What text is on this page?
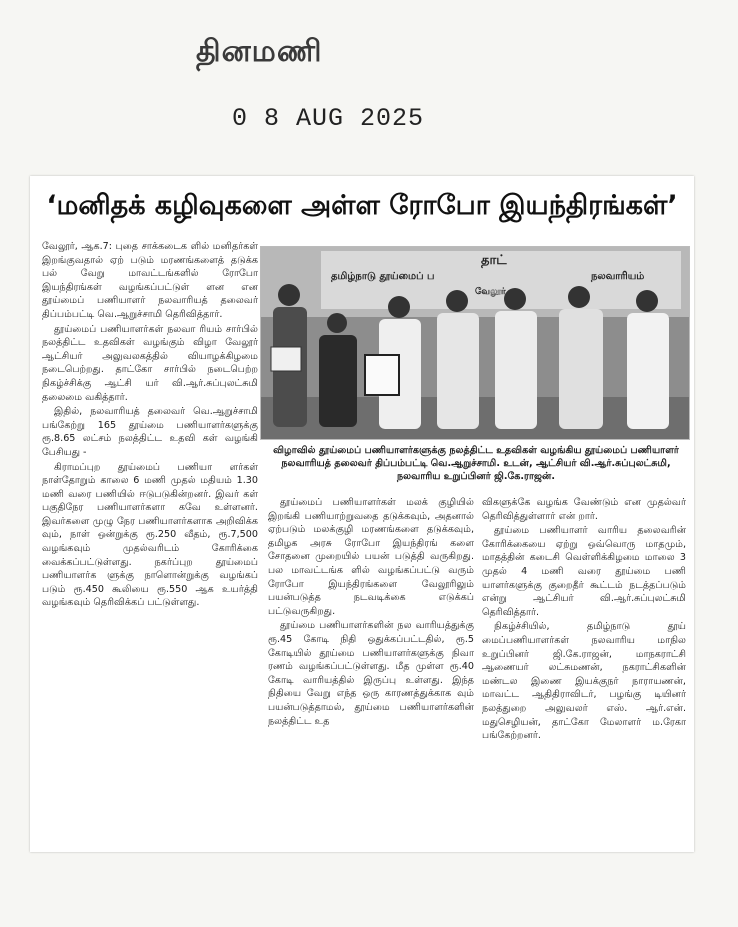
தினமணி
0 8 AUG 2025
‘மனிதக் கழிவுகளை அள்ள ரோபோ இயந்திரங்கள்’

வேலூர், ஆக.7: புதை சாக்கடைக ளில் மனிதர்கள் இறங்குவதால் ஏற் படும் மரணங்களைத் தடுக்க பல் வேறு மாவட்டங்களில் ரோபோ இயந்திரங்கள் வழங்கப்பட்டுள் ளன என தூய்மைப் பணியாளர் நலவாரியத் தலைவர் திப்பம்பட்டி வெ.ஆறுச்சாமி தெரிவித்தார்.

தூய்மைப் பணியாளர்கள் நலவா ரியம் சார்பில் நலத்திட்ட உதவிகள் வழங்கும் விழா வேலூர் ஆட்சியர் அலுவலகத்தில் வியாழக்கிழமை நடைபெற்றது. தாட்கோ சார்பில் நடைபெற்ற நிகழ்ச்சிக்கு ஆட்சி யர் வி.ஆர்.சுப்புலட்சுமி தலைமை வகித்தார்.

இதில், நலவாரியத் தலைவர் வெ.ஆறுச்சாமி பங்கேற்று 165 தூய்மை பணியாளர்களுக்கு ரூ.8.65 லட்சம் நலத்திட்ட உதவி கள் வழங்கி பேசியது -

கிராமப்புற தூய்மைப் பணியா ளர்கள் நாள்தோறும் காலை 6 மணி முதல் மதியம் 1.30 மணி வரை பணியில் ஈடுபடுகின்றனர். இவர் கள் பகுதிநேர பணியாளர்களா கவே உள்ளனர். இவர்களை முழு நேர பணியாளர்களாக அறிவிக்க வும், நாள் ஒன்றுக்கு ரூ.250 வீதம், ரூ.7,500 வழங்கவும் முதல்வரிடம் கோரிக்கை வைக்கப்பட்டுள்ளது. நகர்ப்புற தூய்மைப் பணியாளர்க ளுக்கு நாளொன்றுக்கு வழங்கப் படும் ரூ.450 கூலியை ரூ.550 ஆக உயர்த்தி வழங்கவும் தெரிவிக்கப் பட்டுள்ளது.

தாட்
தமிழ்நாடு தூய்மைப் ப	நலவாரியம்
வேலூர்
விழாவில் தூய்மைப் பணியாளர்களுக்கு நலத்திட்ட உதவிகள் வழங்கிய தூய்மைப் பணியாளர் நலவாரியத் தலைவர் திப்பம்பட்டி வெ.ஆறுச்சாமி. உடன், ஆட்சியர் வி.ஆர்.சுப்புலட்சுமி, நலவாரிய உறுப்பினர் ஜி.கே.ராஜன்.

தூய்மைப் பணியாளர்கள் மலக் குழியில் இறங்கி பணியாற்றுவதை தடுக்கவும், அதனால் ஏற்படும் மலக்குழி மரணங்களை தடுக்கவும், தமிழக அரசு ரோபோ இயந்திரங் களை சோதனை முறையில் பயன் படுத்தி வருகிறது. பல மாவட்டங்க ளில் வழங்கப்பட்டு வரும் ரோபோ இயந்திரங்களை வேலூரிலும் பயன்படுத்த நடவடிக்கை எடுக்கப் பட்டுவருகிறது.

தூய்மை பணியாளர்களின் நல வாரியத்துக்கு ரூ.45 கோடி நிதி ஒதுக்கப்பட்டதில், ரூ.5 கோடியில் தூய்மை பணியாளர்களுக்கு நிவா ரணம் வழங்கப்பட்டுள்ளது. மீத முள்ள ரூ.40 கோடி வாரியத்தில் இருப்பு உள்ளது. இந்த நிதியை வேறு எந்த ஒரு காரணத்துக்காக வும் பயன்படுத்தாமல், தூய்மை பணியாளர்களின் நலத்திட்ட உத

விகளுக்கே வழங்க வேண்டும் என முதல்வர் தெரிவித்துள்ளார் என் றார்.

தூய்மை பணியாளர் வாரிய தலைவரின் கோரிக்கையை ஏற்று ஒவ்வொரு மாதமும், மாதத்தின் கடைசி வெள்ளிக்கிழமை மாலை 3 முதல் 4 மணி வரை தூய்மை பணி யாளர்களுக்கு குறைதீர் கூட்டம் நடத்தப்படும் என்று ஆட்சியர் வி.ஆர்.சுப்புலட்சுமி தெரிவித்தார்.

நிகழ்ச்சியில், தமிழ்நாடு தூய் மைப்பணியாளர்கள் நலவாரிய மாநில உறுப்பினர் ஜி.கே.ராஜன், மாநகராட்சி ஆணையர் லட்சுமணன், நகராட்சிகளின் மண்டல இணை இயக்குநர் நாராயணன், மாவட்ட ஆதிதிராவிடர், பழங்கு டியினர் நலத்துறை அலுவலர் எஸ். ஆர்.என். மதுசெழியன், தாட்கோ மேலாளர் ம.ரேகா பங்கேற்றனர்.
